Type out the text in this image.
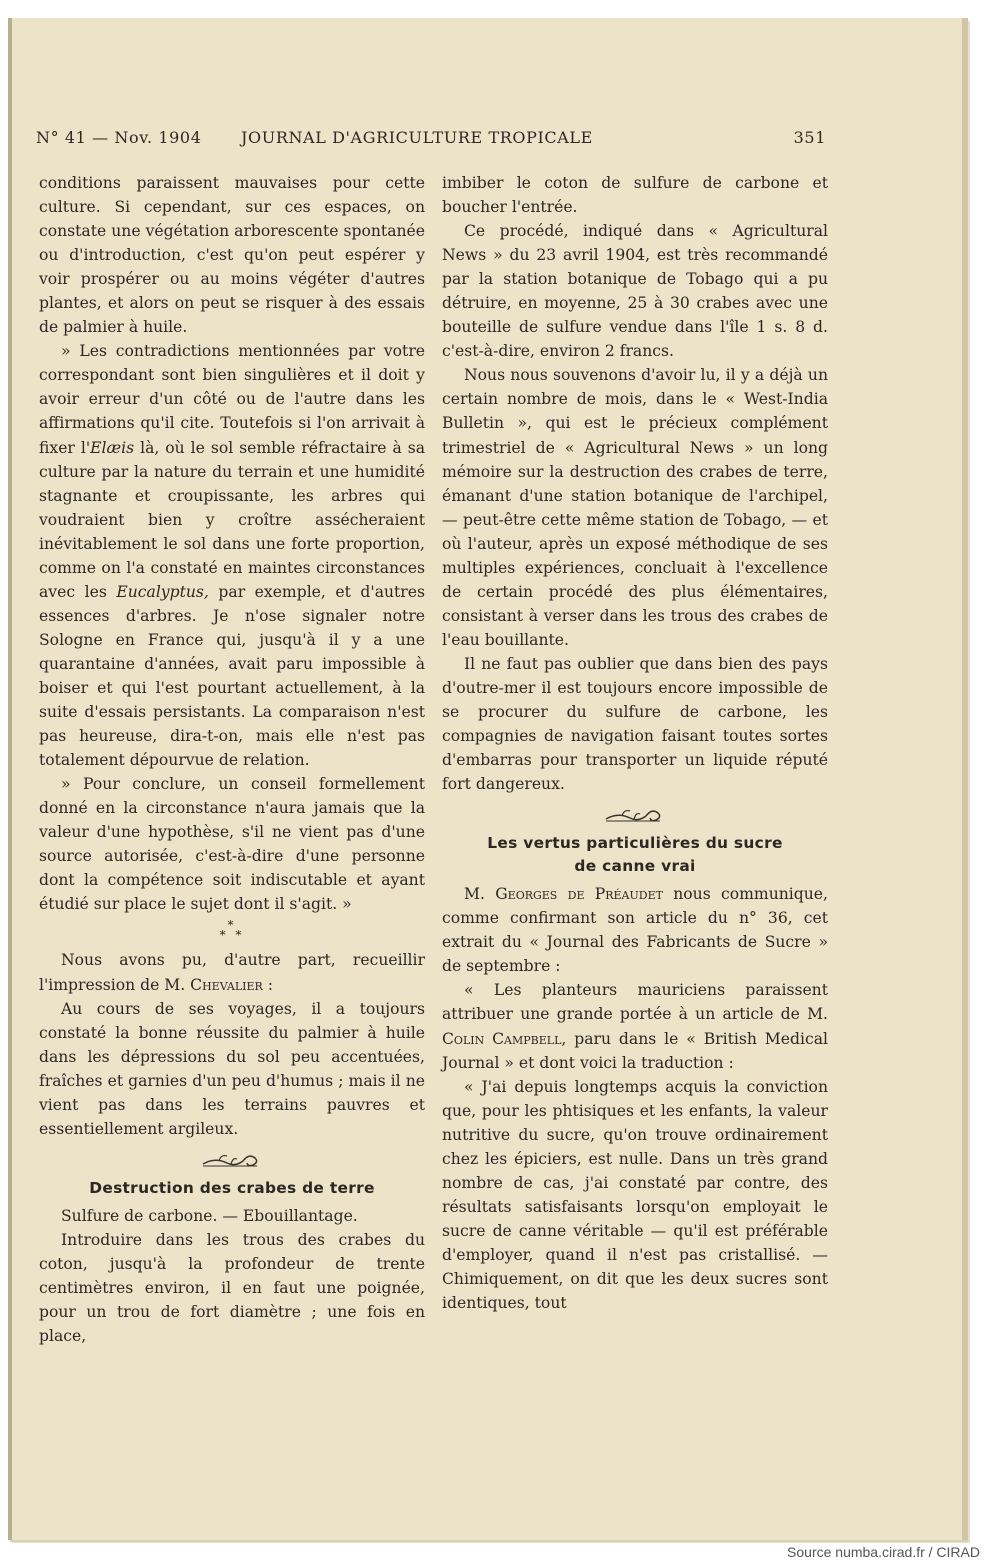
N° 41 — Nov. 1904 JOURNAL D'AGRICULTURE TROPICALE	351

conditions paraissent mauvaises pour cette culture. Si cependant, sur ces espaces, on constate une végétation arborescente spontanée ou d'introduction, c'est qu'on peut espérer y voir prospérer ou au moins végéter d'autres plantes, et alors on peut se risquer à des essais de palmier à huile.

» Les contradictions mentionnées par votre correspondant sont bien singulières et il doit y avoir erreur d'un côté ou de l'autre dans les affirmations qu'il cite. Toutefois si l'on arrivait à fixer l'Elæis là, où le sol semble réfractaire à sa culture par la nature du terrain et une humidité stagnante et croupissante, les arbres qui voudraient bien y croître assécheraient inévitablement le sol dans une forte proportion, comme on l'a constaté en maintes circonstances avec les Eucalyptus, par exemple, et d'autres essences d'arbres. Je n'ose signaler notre Sologne en France qui, jusqu'à il y a une quarantaine d'années, avait paru impossible à boiser et qui l'est pourtant actuellement, à la suite d'essais persistants. La comparaison n'est pas heureuse, dira-t-on, mais elle n'est pas totalement dépourvue de relation.

» Pour conclure, un conseil formellement donné en la circonstance n'aura jamais que la valeur d'une hypothèse, s'il ne vient pas d'une source autorisée, c'est-à-dire d'une personne dont la compétence soit indiscutable et ayant étudié sur place le sujet dont il s'agit. »

*
* *

Nous avons pu, d'autre part, recueillir l'impression de M. Chevalier :

Au cours de ses voyages, il a toujours constaté la bonne réussite du palmier à huile dans les dépressions du sol peu accentuées, fraîches et garnies d'un peu d'humus ; mais il ne vient pas dans les terrains pauvres et essentiellement argileux.

Destruction des crabes de terre

Sulfure de carbone. — Ebouillantage.

Introduire dans les trous des crabes du coton, jusqu'à la profondeur de trente centimètres environ, il en faut une poignée, pour un trou de fort diamètre ; une fois en place,

imbiber le coton de sulfure de carbone et boucher l'entrée.

Ce procédé, indiqué dans « Agricultural News » du 23 avril 1904, est très recommandé par la station botanique de Tobago qui a pu détruire, en moyenne, 25 à 30 crabes avec une bouteille de sulfure vendue dans l'île 1 s. 8 d. c'est-à-dire, environ 2 francs.

Nous nous souvenons d'avoir lu, il y a déjà un certain nombre de mois, dans le « West-India Bulletin », qui est le précieux complément trimestriel de « Agricultural News » un long mémoire sur la destruction des crabes de terre, émanant d'une station botanique de l'archipel, — peut-être cette même station de Tobago, — et où l'auteur, après un exposé méthodique de ses multiples expériences, concluait à l'excellence de certain procédé des plus élémentaires, consistant à verser dans les trous des crabes de l'eau bouillante.

Il ne faut pas oublier que dans bien des pays d'outre-mer il est toujours encore impossible de se procurer du sulfure de carbone, les compagnies de navigation faisant toutes sortes d'embarras pour transporter un liquide réputé fort dangereux.

Les vertus particulières du sucre
de canne vrai

M. Georges de Préaudet nous communique, comme confirmant son article du n° 36, cet extrait du « Journal des Fabricants de Sucre » de septembre :

« Les planteurs mauriciens paraissent attribuer une grande portée à un article de M. Colin Campbell, paru dans le « British Medical Journal » et dont voici la traduction :

« J'ai depuis longtemps acquis la conviction que, pour les phtisiques et les enfants, la valeur nutritive du sucre, qu'on trouve ordinairement chez les épiciers, est nulle. Dans un très grand nombre de cas, j'ai constaté par contre, des résultats satisfaisants lorsqu'on employait le sucre de canne véritable — qu'il est préférable d'employer, quand il n'est pas cristallisé. — Chimiquement, on dit que les deux sucres sont identiques, tout

Source numba.cirad.fr / CIRAD
